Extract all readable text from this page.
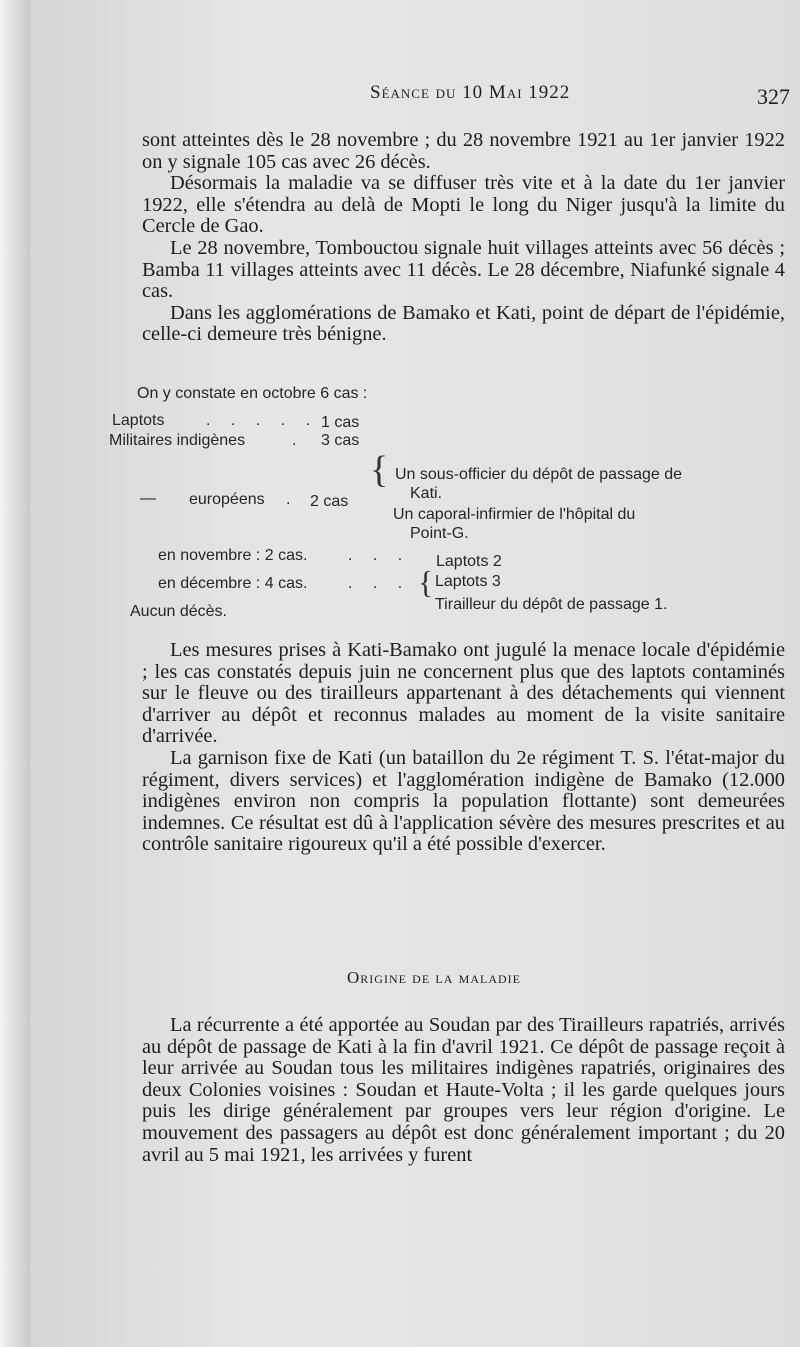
Séance du 10 Mai 1922	327
sont atteintes dès le 28 novembre ; du 28 novembre 1921 au 1er janvier 1922 on y signale 105 cas avec 26 décès.
Désormais la maladie va se diffuser très vite et à la date du 1er janvier 1922, elle s'étendra au delà de Mopti le long du Niger jusqu'à la limite du Cercle de Gao.
Le 28 novembre, Tombouctou signale huit villages atteints avec 56 décès ; Bamba 11 villages atteints avec 11 décès. Le 28 décembre, Niafunké signale 4 cas.
Dans les agglomérations de Bamako et Kati, point de départ de l'épidémie, celle-ci demeure très bénigne.
On y constate en octobre 6 cas :
Laptots	. . . . . 1 cas
Militaires indigènes	. 3 cas
{
— européens . 2 cas
Un sous-officier du dépôt de passage de
Kati.
Un caporal-infirmier de l'hôpital du
Point-G.
en novembre : 2 cas.	. . . Laptots 2
en décembre : 4 cas.	. . . { Laptots 3
Tirailleur du dépôt de passage 1.
Aucun décès.
Les mesures prises à Kati-Bamako ont jugulé la menace locale d'épidémie ; les cas constatés depuis juin ne concernent plus que des laptots contaminés sur le fleuve ou des tirailleurs appartenant à des détachements qui viennent d'arriver au dépôt et reconnus malades au moment de la visite sanitaire d'arrivée.
La garnison fixe de Kati (un bataillon du 2e régiment T. S. l'état-major du régiment, divers services) et l'agglomération indigène de Bamako (12.000 indigènes environ non compris la population flottante) sont demeurées indemnes. Ce résultat est dû à l'application sévère des mesures prescrites et au contrôle sanitaire rigoureux qu'il a été possible d'exercer.
Origine de la maladie
La récurrente a été apportée au Soudan par des Tirailleurs rapatriés, arrivés au dépôt de passage de Kati à la fin d'avril 1921. Ce dépôt de passage reçoit à leur arrivée au Soudan tous les militaires indigènes rapatriés, originaires des deux Colonies voisines : Soudan et Haute-Volta ; il les garde quelques jours puis les dirige généralement par groupes vers leur région d'origine. Le mouvement des passagers au dépôt est donc généralement important ; du 20 avril au 5 mai 1921, les arrivées y furent
